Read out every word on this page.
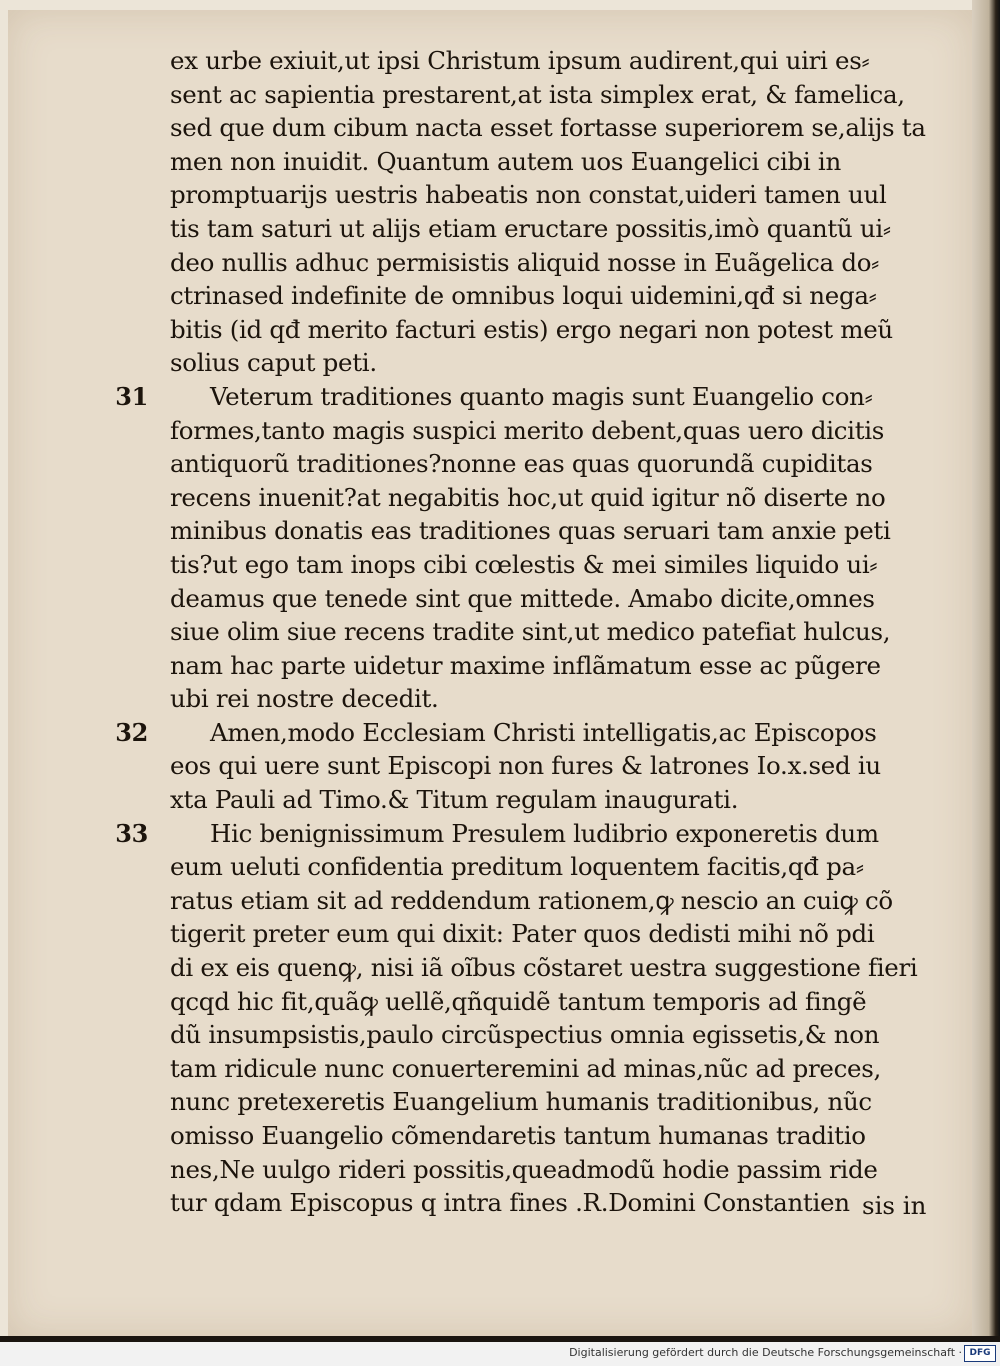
ex urbe exiuit,ut ipsi Christum ipsum audirent,qui uiri es⸗
sent ac sapientia prestarent,at ista simplex erat, & famelica,
sed que dum cibum nacta esset fortasse superiorem se,alijs ta
men non inuidit. Quantum autem uos Euangelici cibi in
promptuarijs uestris habeatis non constat,uideri tamen uul
tis tam saturi ut alijs etiam eructare possitis,imò quantũ ui⸗
deo nullis adhuc permisistis aliquid nosse in Euãgelica do⸗
ctrinased indefinite de omnibus loqui uidemini,qđ si nega⸗
bitis (id qđ merito facturi estis) ergo negari non potest meũ
solius caput peti.
31	Veterum traditiones quanto magis sunt Euangelio con⸗
formes,tanto magis suspici merito debent,quas uero dicitis
antiquorũ traditiones?nonne eas quas quorundã cupiditas
recens inuenit?at negabitis hoc,ut quid igitur nõ diserte no
minibus donatis eas traditiones quas seruari tam anxie peti
tis?ut ego tam inops cibi cœlestis & mei similes liquido ui⸗
deamus que tenede sint que mittede. Amabo dicite,omnes
siue olim siue recens tradite sint,ut medico patefiat hulcus,
nam hac parte uidetur maxime inflãmatum esse ac pũgere
ubi rei nostre decedit.
32	Amen,modo Ecclesiam Christi intelligatis,ac Episcopos
eos qui uere sunt Episcopi non fures & latrones Io.x.sed iu
xta Pauli ad Timo.& Titum regulam inaugurati.
33	Hic benignissimum Presulem ludibrio exponeretis dum
eum ueluti confidentia preditum loquentem facitis,qđ pa⸗
ratus etiam sit ad reddendum rationem,ꝙ nescio an cuiꝙ cõ
tigerit preter eum qui dixit: Pater quos dedisti mihi nõ pdi
di ex eis quenꝙ, nisi iã oĩbus cõstaret uestra suggestione fieri
qcqd hic fit,quãꝙ uellẽ,qñquidẽ tantum temporis ad fingẽ
dũ insumpsistis,paulo circũspectius omnia egissetis,& non
tam ridicule nunc conuerteremini ad minas,nũc ad preces,
nunc pretexeretis Euangelium humanis traditionibus, nũc
omisso Euangelio cõmendaretis tantum humanas traditio
nes,Ne uulgo rideri possitis,queadmodũ hodie passim ride
tur qdam Episcopus q intra fines .R.Domini Constantien sis in
Digitalisierung gefördert durch die Deutsche Forschungsgemeinschaft · DFG
